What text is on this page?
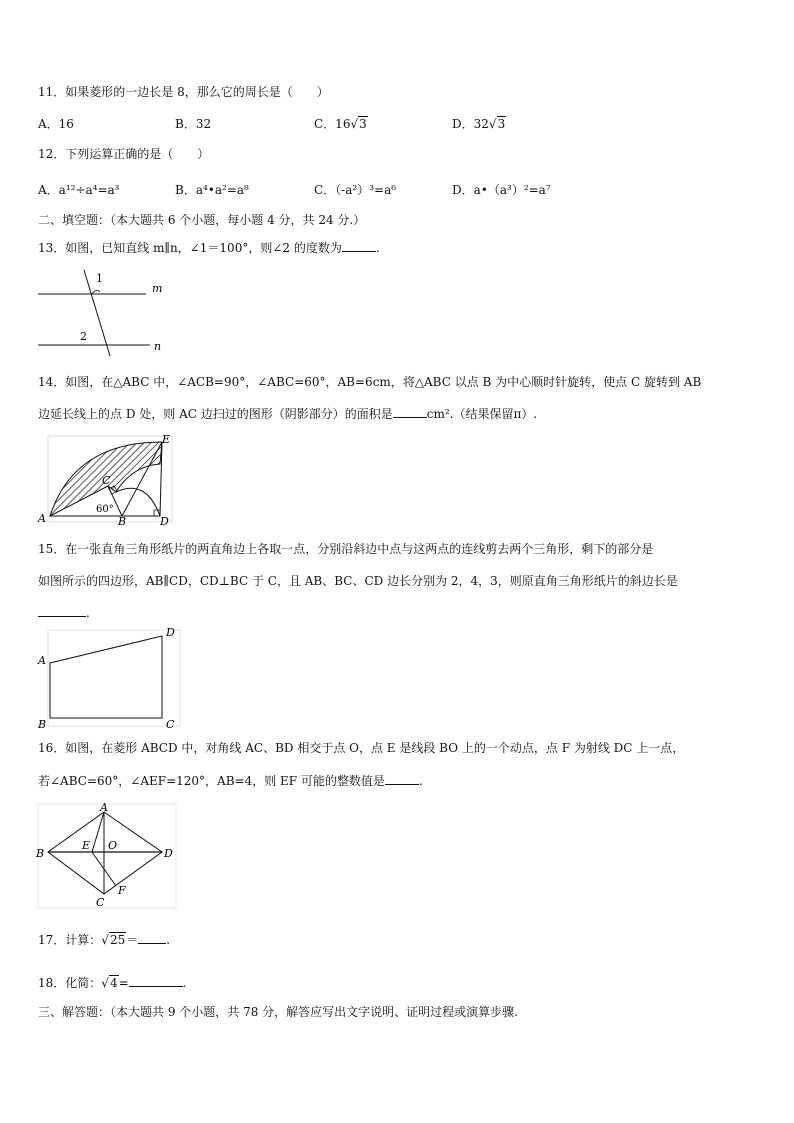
11．如果菱形的一边长是 8，那么它的周长是（　　）
A．16	B．32	C．16√3	D．32√3
12．下列运算正确的是（　　）
A．a¹²÷a⁴=a³	B．a⁴•a²=a⁸	C．（-a²）³=a⁶	D．a•（a³）²=a⁷
二、填空题：（本大题共 6 个小题，每小题 4 分，共 24 分.）
13．如图，已知直线 m∥n，∠1＝100°，则∠2 的度数为	.
1
2
m
n
14．如图，在△ABC 中，∠ACB=90°，∠ABC=60°，AB=6cm，将△ABC 以点 B 为中心顺时针旋转，使点 C 旋转到 AB
边延长线上的点 D 处，则 AC 边扫过的图形（阴影部分）的面积是	cm².（结果保留π）.
A	B
C
D
E
60°
15．在一张直角三角形纸片的两直角边上各取一点，分别沿斜边中点与这两点的连线剪去两个三角形，剩下的部分是
如图所示的四边形，AB∥CD，CD⊥BC 于 C，且 AB、BC、CD 边长分别为 2，4，3，则原直角三角形纸片的斜边长是
.
A
B	C
D
16．如图，在菱形 ABCD 中，对角线 AC、BD 相交于点 O，点 E 是线段 BO 上的一个动点，点 F 为射线 DC 上一点，
若∠ABC=60°，∠AEF=120°，AB=4，则 EF 可能的整数值是	.
A
B
C
D
E O
F
17．计算：√25＝ .
18．化简：√4=	.
三、解答题：（本大题共 9 个小题，共 78 分，解答应写出文字说明、证明过程或演算步骤.
